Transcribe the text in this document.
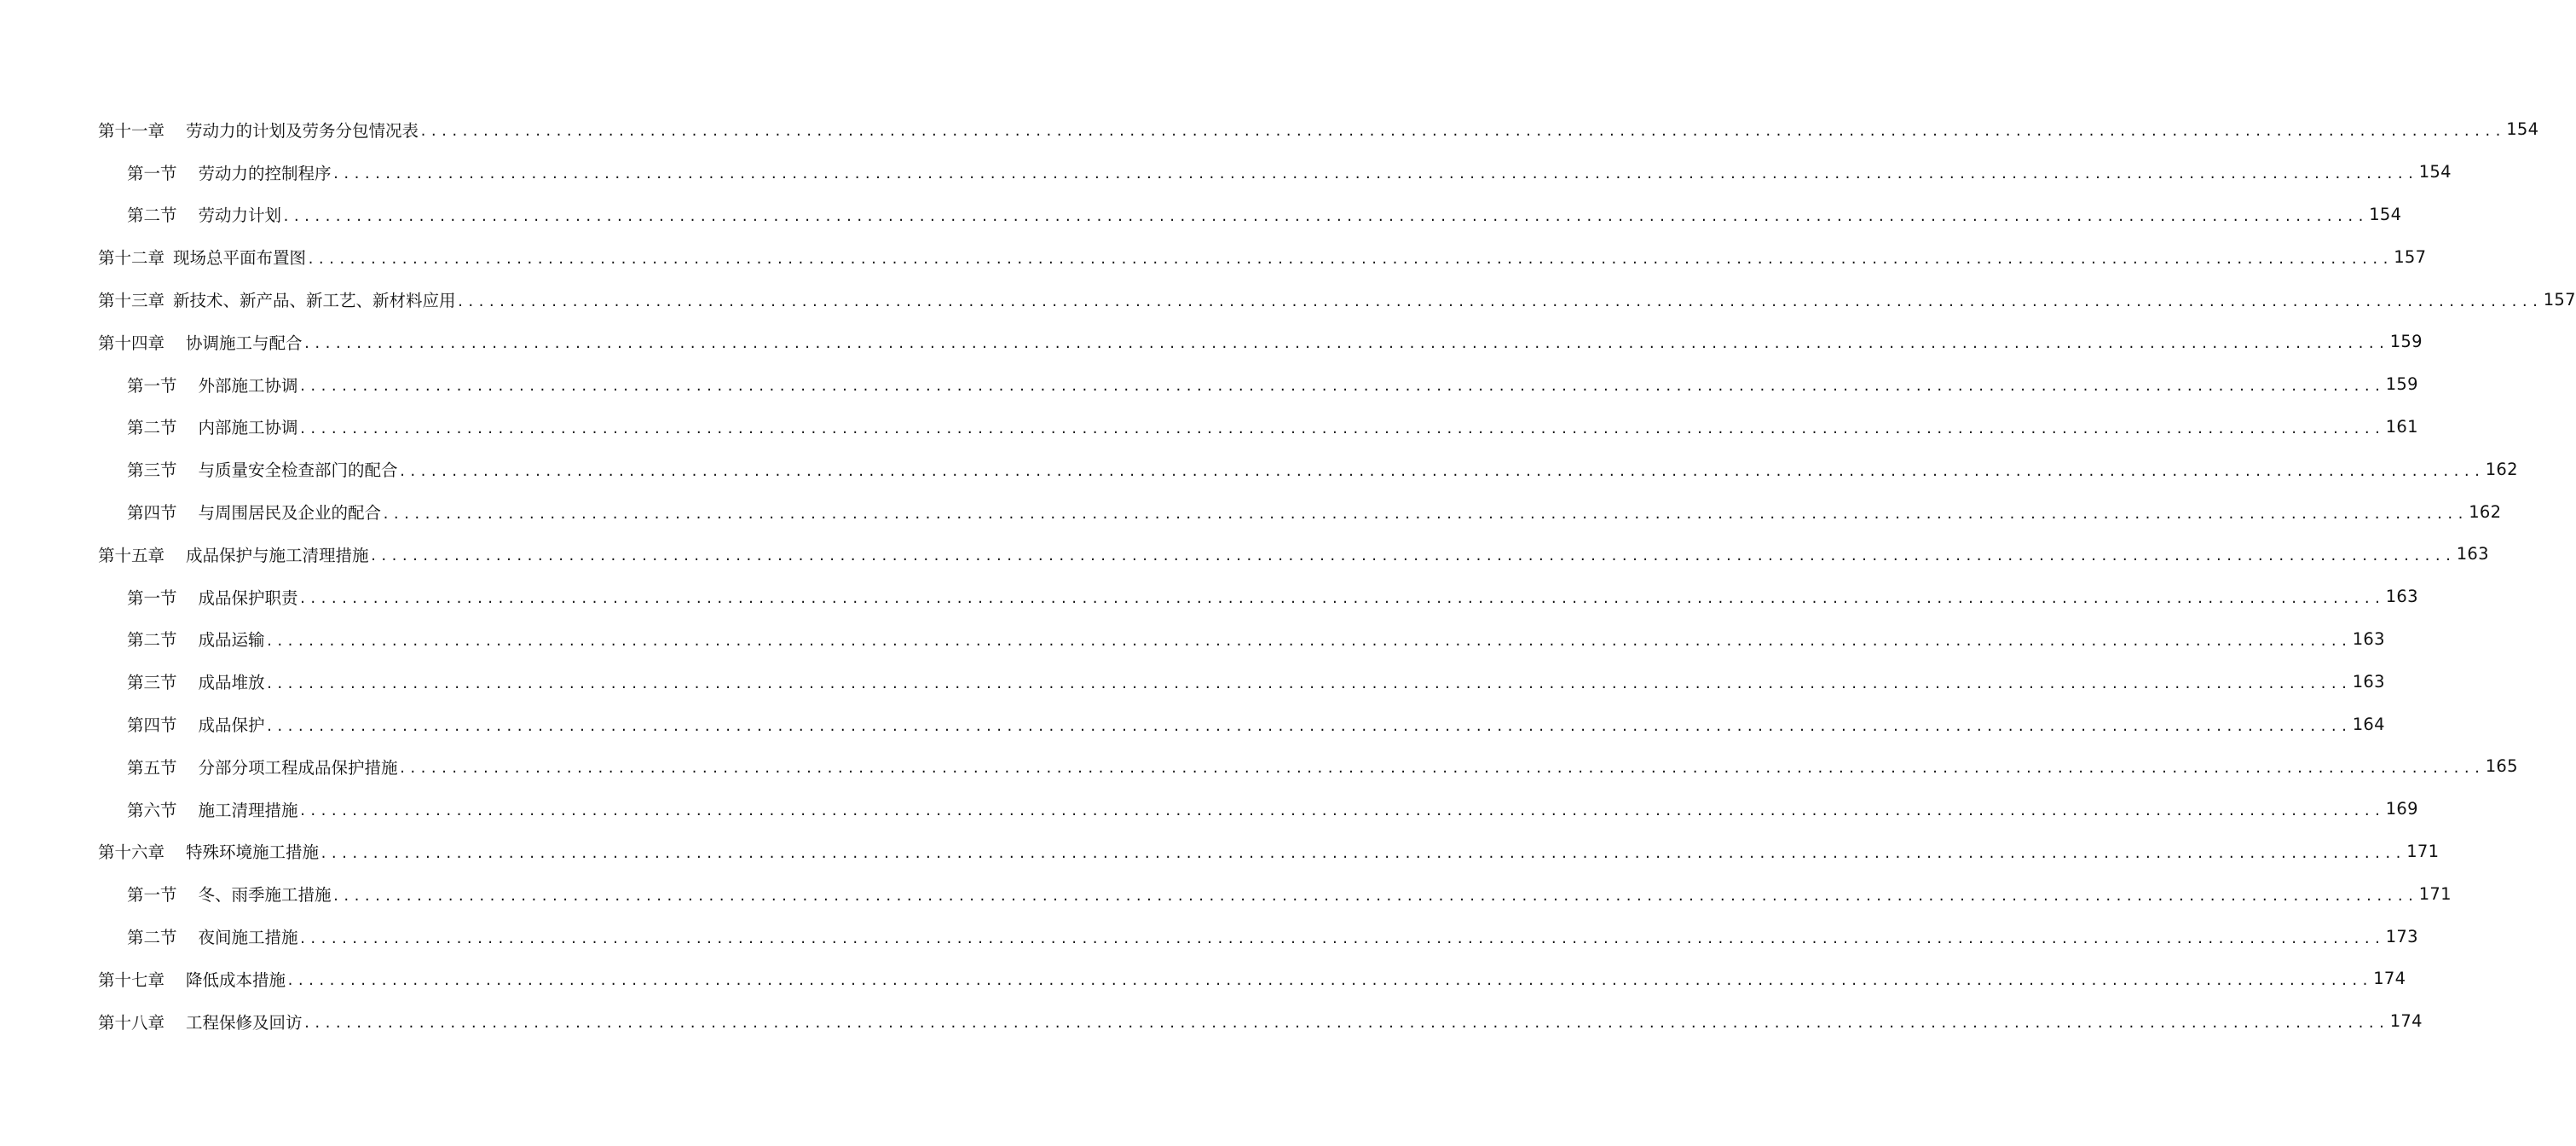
第十一章 劳动力的计划及劳务分包情况表 ........................................................................................................................................................................................................ 154
第一节 劳动力的控制程序 ........................................................................................................................................................................................................ 154
第二节 劳动力计划 ........................................................................................................................................................................................................ 154
第十二章 现场总平面布置图 ........................................................................................................................................................................................................ 157
第十三章 新技术、新产品、新工艺、新材料应用 ........................................................................................................................................................................................................ 157
第十四章 协调施工与配合 ........................................................................................................................................................................................................ 159
第一节 外部施工协调 ........................................................................................................................................................................................................ 159
第二节 内部施工协调 ........................................................................................................................................................................................................ 161
第三节 与质量安全检查部门的配合 ........................................................................................................................................................................................................ 162
第四节 与周围居民及企业的配合 ........................................................................................................................................................................................................ 162
第十五章 成品保护与施工清理措施 ........................................................................................................................................................................................................ 163
第一节 成品保护职责 ........................................................................................................................................................................................................ 163
第二节 成品运输 ........................................................................................................................................................................................................ 163
第三节 成品堆放 ........................................................................................................................................................................................................ 163
第四节 成品保护 ........................................................................................................................................................................................................ 164
第五节 分部分项工程成品保护措施 ........................................................................................................................................................................................................ 165
第六节 施工清理措施 ........................................................................................................................................................................................................ 169
第十六章 特殊环境施工措施 ........................................................................................................................................................................................................ 171
第一节 冬、雨季施工措施 ........................................................................................................................................................................................................ 171
第二节 夜间施工措施 ........................................................................................................................................................................................................ 173
第十七章 降低成本措施 ........................................................................................................................................................................................................ 174
第十八章 工程保修及回访 ........................................................................................................................................................................................................ 174
